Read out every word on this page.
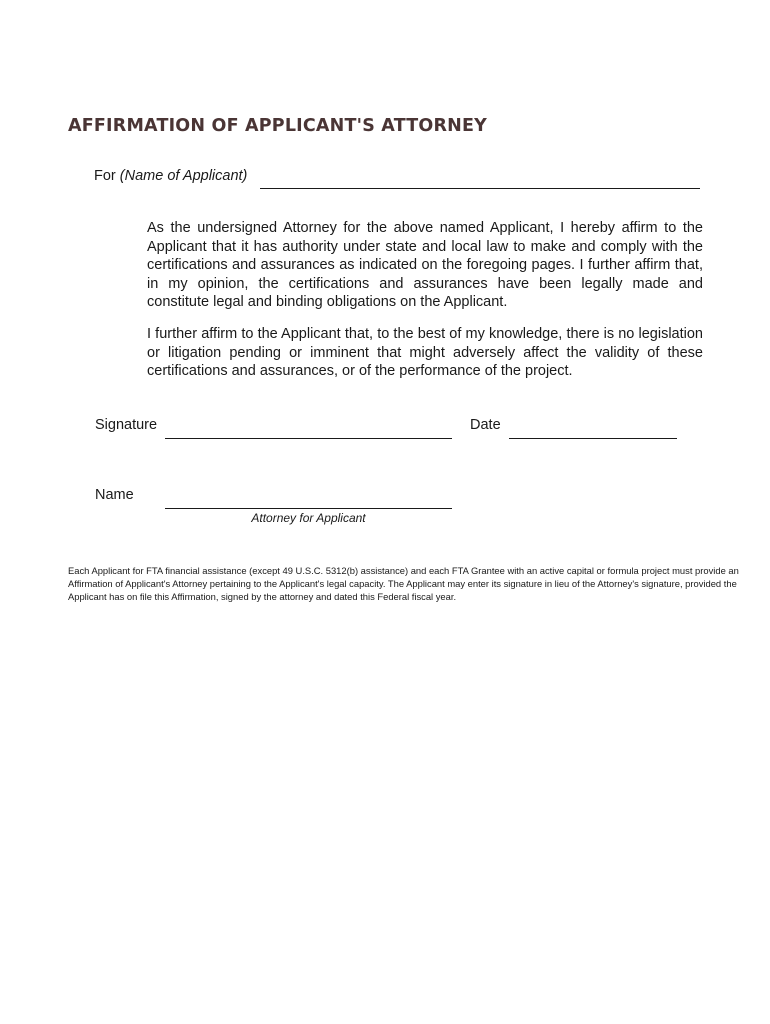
AFFIRMATION OF APPLICANT'S ATTORNEY
For (Name of Applicant)
As the undersigned Attorney for the above named Applicant, I hereby affirm to the Applicant that it has authority under state and local law to make and comply with the certifications and assurances as indicated on the foregoing pages. I further affirm that, in my opinion, the certifications and assurances have been legally made and constitute legal and binding obligations on the Applicant.
I further affirm to the Applicant that, to the best of my knowledge, there is no legislation or litigation pending or imminent that might adversely affect the validity of these certifications and assurances, or of the performance of the project.
Signature	Date
Name
Attorney for Applicant
Each Applicant for FTA financial assistance (except 49 U.S.C. 5312(b) assistance) and each FTA Grantee with an active capital or formula project must provide an Affirmation of Applicant's Attorney pertaining to the Applicant's legal capacity. The Applicant may enter its signature in lieu of the Attorney's signature, provided the Applicant has on file this Affirmation, signed by the attorney and dated this Federal fiscal year.
